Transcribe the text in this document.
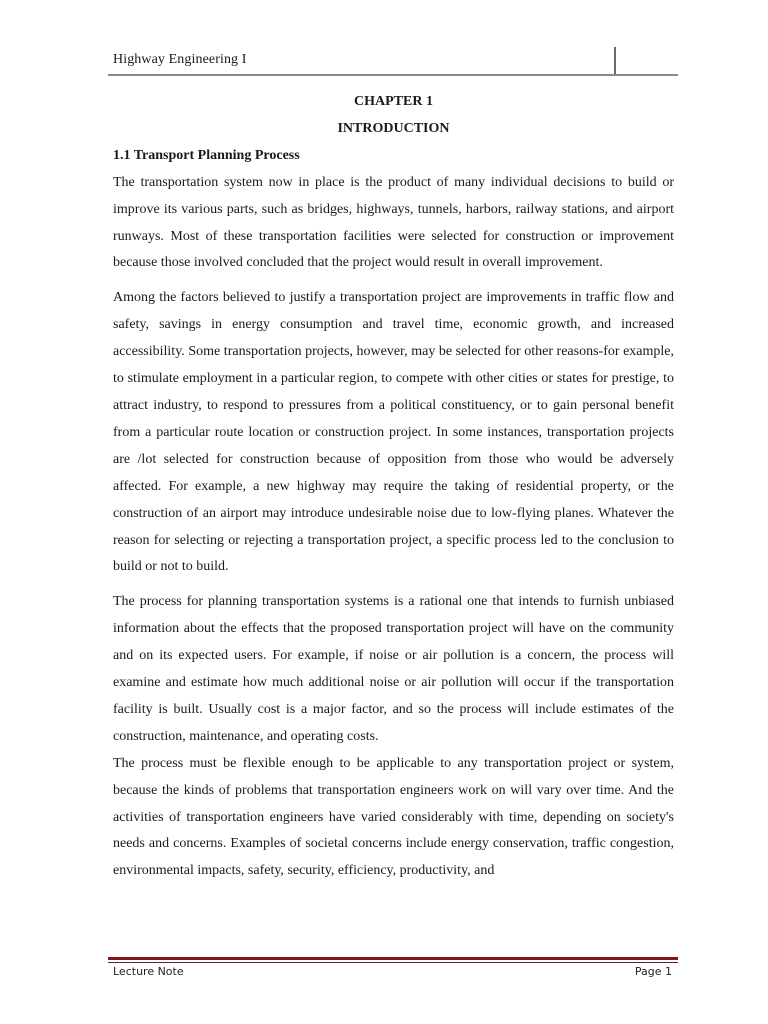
Highway Engineering I

CHAPTER 1

INTRODUCTION

1.1 Transport Planning Process

The transportation system now in place is the product of many individual decisions to build or improve its various parts, such as bridges, highways, tunnels, harbors, railway stations, and airport runways. Most of these transportation facilities were selected for construction or improvement because those involved concluded that the project would result in overall improvement.

Among the factors believed to justify a transportation project are improvements in traffic flow and safety, savings in energy consumption and travel time, economic growth, and increased accessibility. Some transportation projects, however, may be selected for other reasons-for example, to stimulate employment in a particular region, to compete with other cities or states for prestige, to attract industry, to respond to pressures from a political constituency, or to gain personal benefit from a particular route location or construction project. In some instances, transportation projects are /lot selected for construction because of opposition from those who would be adversely affected. For example, a new highway may require the taking of residential property, or the construction of an airport may introduce undesirable noise due to low-flying planes. Whatever the reason for selecting or rejecting a transportation project, a specific process led to the conclusion to build or not to build.

The process for planning transportation systems is a rational one that intends to furnish unbiased information about the effects that the proposed transportation project will have on the community and on its expected users. For example, if noise or air pollution is a concern, the process will examine and estimate how much additional noise or air pollution will occur if the transportation facility is built. Usually cost is a major factor, and so the process will include estimates of the construction, maintenance, and operating costs.

The process must be flexible enough to be applicable to any transportation project or system, because the kinds of problems that transportation engineers work on will vary over time. And the activities of transportation engineers have varied considerably with time, depending on society's needs and concerns. Examples of societal concerns include energy conservation, traffic congestion, environmental impacts, safety, security, efficiency, productivity, and

Lecture Note	Page 1
